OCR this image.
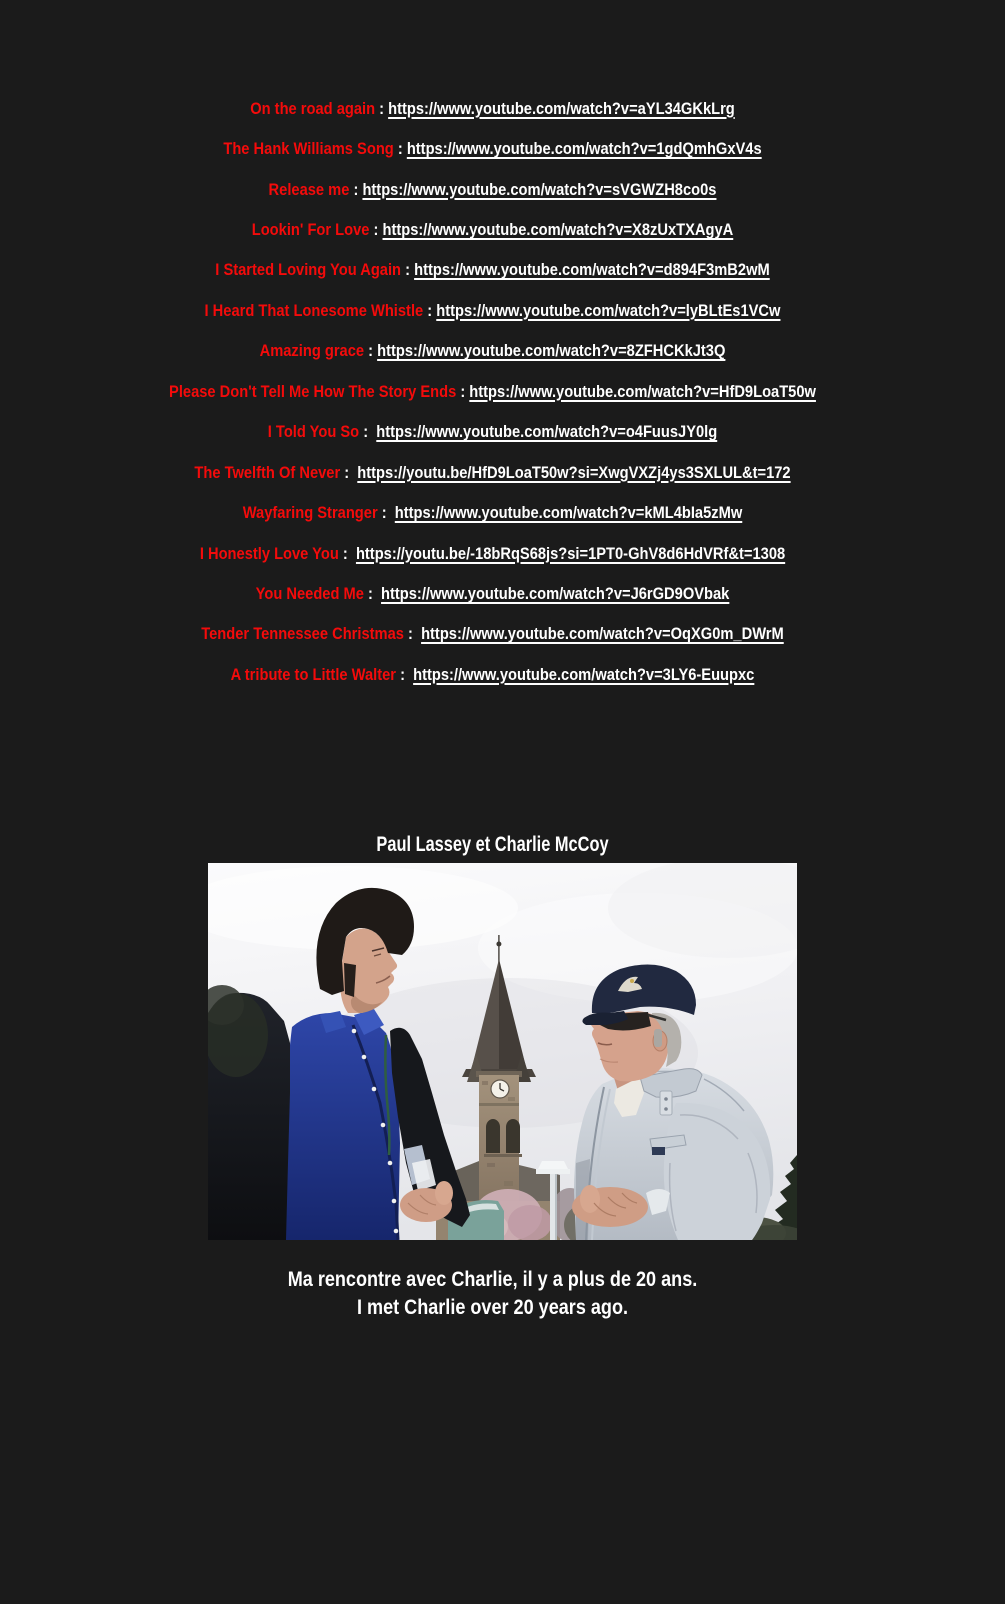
On the road again : https://www.youtube.com/watch?v=aYL34GKkLrg
The Hank Williams Song : https://www.youtube.com/watch?v=1gdQmhGxV4s
Release me : https://www.youtube.com/watch?v=sVGWZH8co0s
Lookin' For Love : https://www.youtube.com/watch?v=X8zUxTXAgyA
I Started Loving You Again : https://www.youtube.com/watch?v=d894F3mB2wM
I Heard That Lonesome Whistle : https://www.youtube.com/watch?v=lyBLtEs1VCw
Amazing grace : https://www.youtube.com/watch?v=8ZFHCKkJt3Q
Please Don't Tell Me How The Story Ends : https://www.youtube.com/watch?v=HfD9LoaT50w
I Told You So : https://www.youtube.com/watch?v=o4FuusJY0lg
The Twelfth Of Never : https://youtu.be/HfD9LoaT50w?si=XwgVXZj4ys3SXLUL&t=172
Wayfaring Stranger : https://www.youtube.com/watch?v=kML4bIa5zMw
I Honestly Love You : https://youtu.be/-18bRqS68js?si=1PT0-GhV8d6HdVRf&t=1308
You Needed Me : https://www.youtube.com/watch?v=J6rGD9OVbak
Tender Tennessee Christmas : https://www.youtube.com/watch?v=OqXG0m_DWrM
A tribute to Little Walter : https://www.youtube.com/watch?v=3LY6-Euupxc
Paul Lassey et Charlie McCoy
Ma rencontre avec Charlie, il y a plus de 20 ans.
I met Charlie over 20 years ago.
